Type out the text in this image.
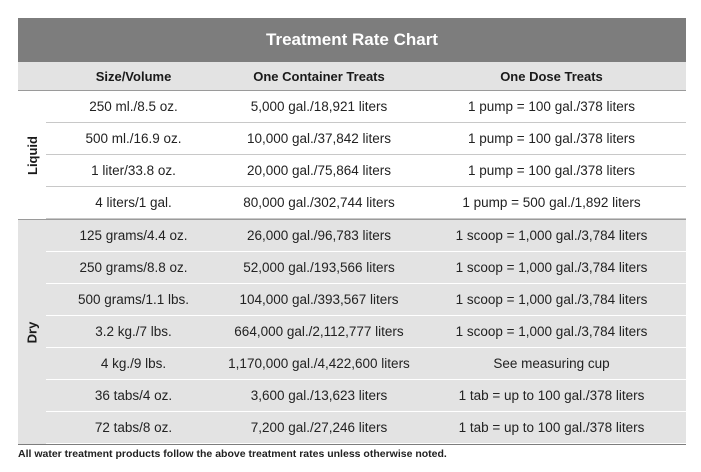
Treatment Rate Chart
Size/Volume	One Container Treats	One Dose Treats
Liquid
250 ml./8.5 oz.	5,000 gal./18,921 liters	1 pump = 100 gal./378 liters
500 ml./16.9 oz.	10,000 gal./37,842 liters	1 pump = 100 gal./378 liters
1 liter/33.8 oz.	20,000 gal./75,864 liters	1 pump = 100 gal./378 liters
4 liters/1 gal.	80,000 gal./302,744 liters	1 pump = 500 gal./1,892 liters
Dry
125 grams/4.4 oz.	26,000 gal./96,783 liters	1 scoop = 1,000 gal./3,784 liters
250 grams/8.8 oz.	52,000 gal./193,566 liters	1 scoop = 1,000 gal./3,784 liters
500 grams/1.1 lbs.	104,000 gal./393,567 liters	1 scoop = 1,000 gal./3,784 liters
3.2 kg./7 lbs.	664,000 gal./2,112,777 liters	1 scoop = 1,000 gal./3,784 liters
4 kg./9 lbs.	1,170,000 gal./4,422,600 liters	See measuring cup
36 tabs/4 oz.	3,600 gal./13,623 liters	1 tab = up to 100 gal./378 liters
72 tabs/8 oz.	7,200 gal./27,246 liters	1 tab = up to 100 gal./378 liters
All water treatment products follow the above treatment rates unless otherwise noted.
